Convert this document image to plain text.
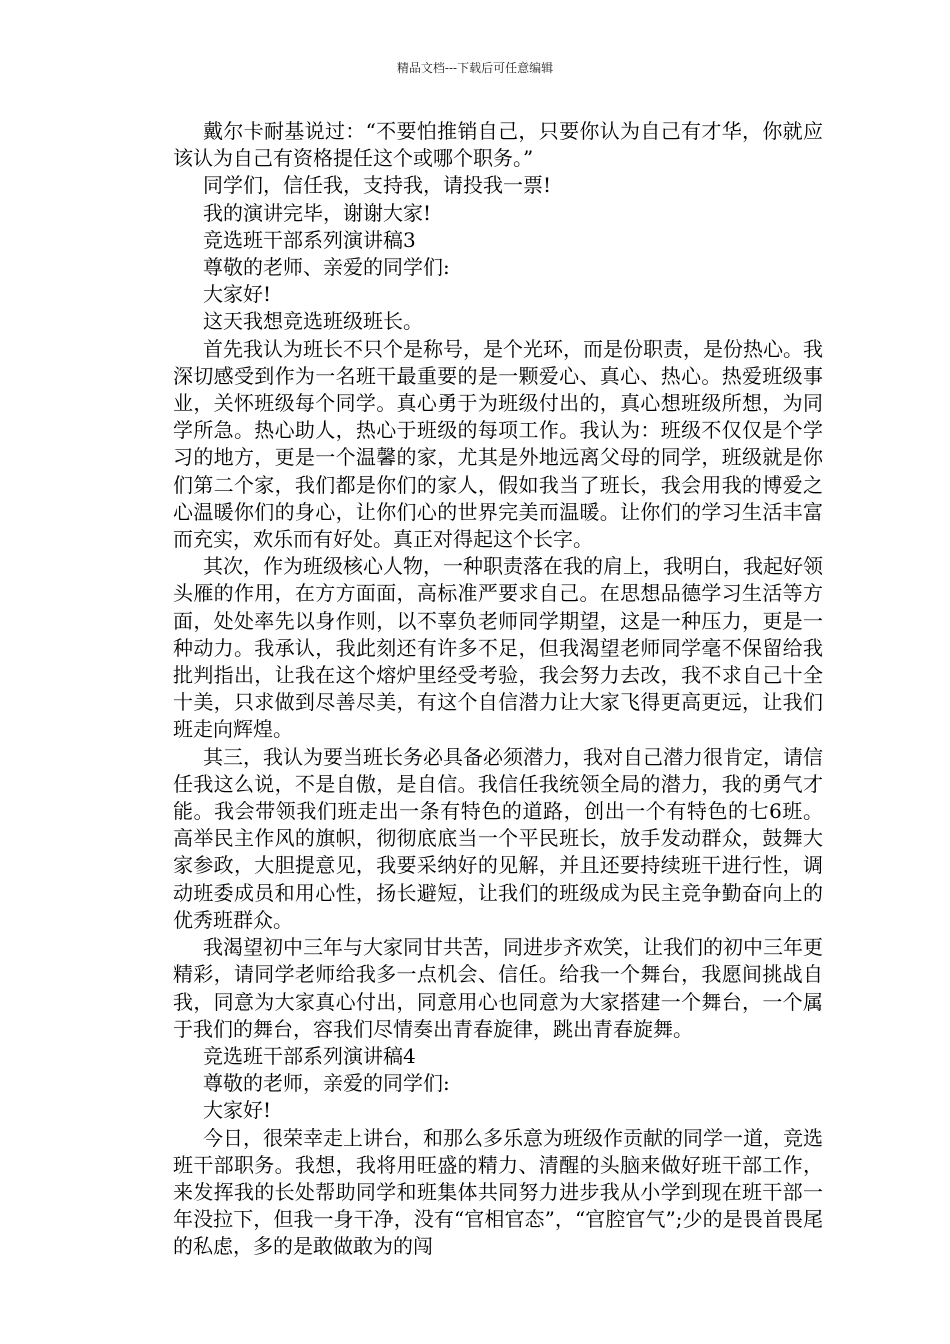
精品文档---下载后可任意编辑

戴尔卡耐基说过：“不要怕推销自己，只要你认为自己有才华，你就应该认为自己有资格提任这个或哪个职务。”

同学们，信任我，支持我，请投我一票!

我的演讲完毕，谢谢大家!

竞选班干部系列演讲稿3

尊敬的老师、亲爱的同学们:

大家好!

这天我想竞选班级班长。

首先我认为班长不只个是称号，是个光环，而是份职责，是份热心。我深切感受到作为一名班干最重要的是一颗爱心、真心、热心。热爱班级事业，关怀班级每个同学。真心勇于为班级付出的，真心想班级所想，为同学所急。热心助人，热心于班级的每项工作。我认为：班级不仅仅是个学习的地方，更是一个温馨的家，尤其是外地远离父母的同学，班级就是你们第二个家，我们都是你们的家人，假如我当了班长，我会用我的博爱之心温暖你们的身心，让你们心的世界完美而温暖。让你们的学习生活丰富而充实，欢乐而有好处。真正对得起这个长字。

其次，作为班级核心人物，一种职责落在我的肩上，我明白，我起好领头雁的作用，在方方面面，高标准严要求自己。在思想品德学习生活等方面，处处率先以身作则，以不辜负老师同学期望，这是一种压力，更是一种动力。我承认，我此刻还有许多不足，但我渴望老师同学毫不保留给我批判指出，让我在这个熔炉里经受考验，我会努力去改，我不求自己十全十美，只求做到尽善尽美，有这个自信潜力让大家飞得更高更远，让我们班走向辉煌。

其三，我认为要当班长务必具备必须潜力，我对自己潜力很肯定，请信任我这么说，不是自傲，是自信。我信任我统领全局的潜力，我的勇气才能。我会带领我们班走出一条有特色的道路，创出一个有特色的七6班。高举民主作风的旗帜，彻彻底底当一个平民班长，放手发动群众，鼓舞大家参政，大胆提意见，我要采纳好的见解，并且还要持续班干进行性，调动班委成员和用心性，扬长避短，让我们的班级成为民主竞争勤奋向上的优秀班群众。

我渴望初中三年与大家同甘共苦，同进步齐欢笑，让我们的初中三年更精彩，请同学老师给我多一点机会、信任。给我一个舞台，我愿间挑战自我，同意为大家真心付出，同意用心也同意为大家搭建一个舞台，一个属于我们的舞台，容我们尽情奏出青春旋律，跳出青春旋舞。

竞选班干部系列演讲稿4

尊敬的老师，亲爱的同学们:

大家好!

今日，很荣幸走上讲台，和那么多乐意为班级作贡献的同学一道，竞选班干部职务。我想，我将用旺盛的精力、清醒的头脑来做好班干部工作，来发挥我的长处帮助同学和班集体共同努力进步我从小学到现在班干部一年没拉下，但我一身干净，没有“官相官态”，“官腔官气”;少的是畏首畏尾的私虑，多的是敢做敢为的闯
